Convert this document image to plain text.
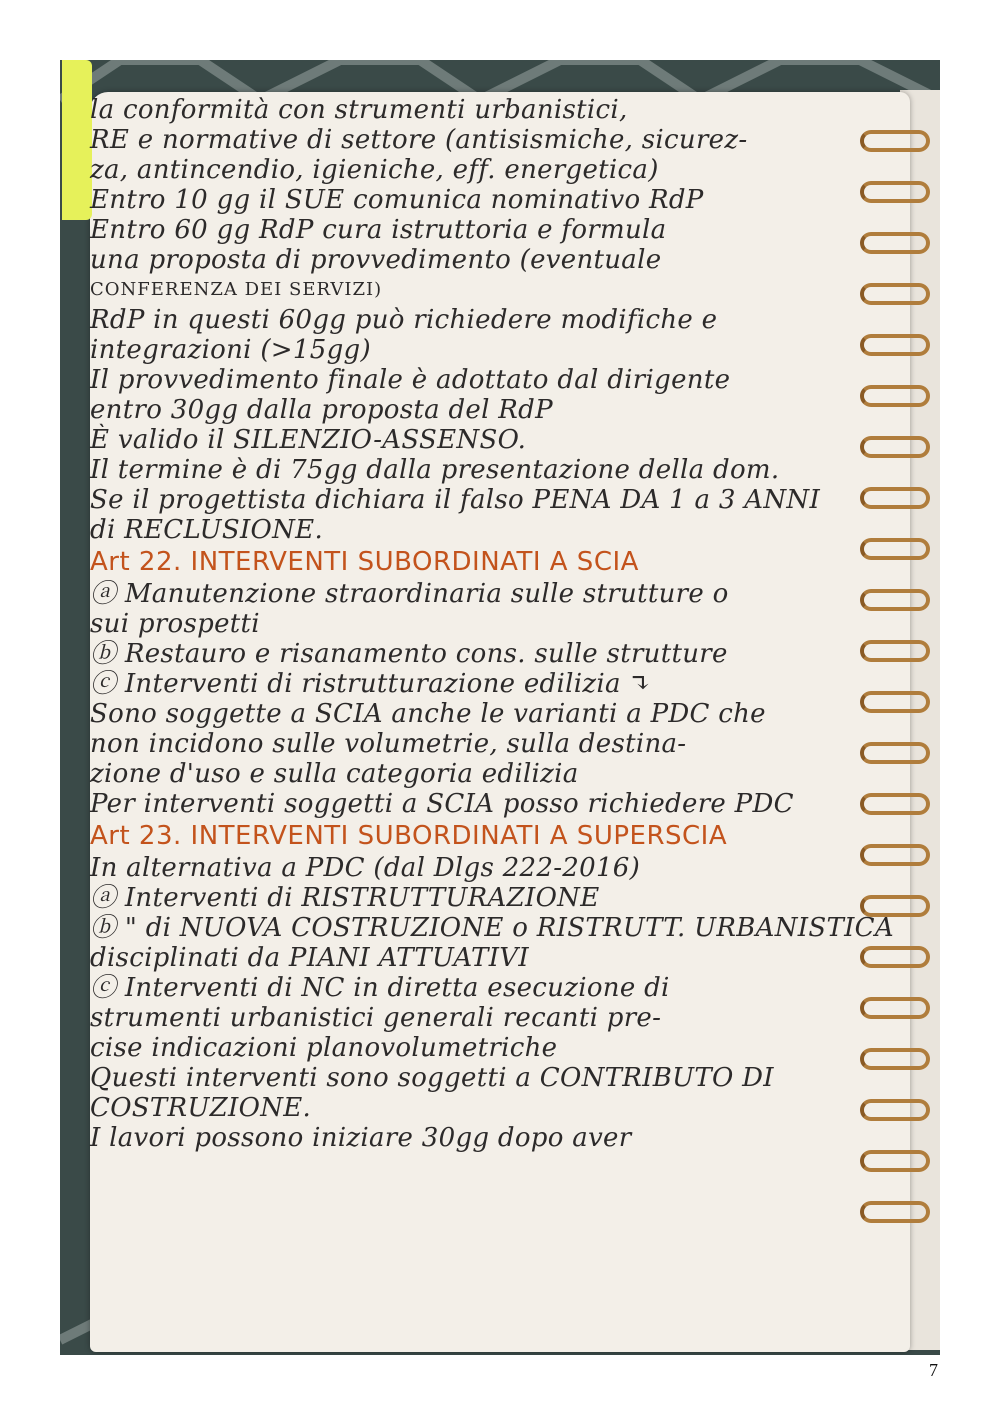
la conformità con strumenti urbanistici,
RE e normative di settore (antisismiche, sicurez-
za, antincendio, igieniche, eff. energetica)
Entro 10 gg il SUE comunica nominativo RdP
Entro 60 gg RdP cura istruttoria e formula
una proposta di provvedimento (eventuale
CONFERENZA DEI SERVIZI)
RdP in questi 60gg può richiedere modifiche e
integrazioni (>15gg)
Il provvedimento finale è adottato dal dirigente
entro 30gg dalla proposta del RdP
È valido il SILENZIO-ASSENSO.
Il termine è di 75gg dalla presentazione della dom.
Se il progettista dichiara il falso PENA DA 1 a 3 ANNI
di RECLUSIONE.
Art 22. INTERVENTI SUBORDINATI A SCIA
ⓐ Manutenzione straordinaria sulle strutture o
sui prospetti
ⓑ Restauro e risanamento cons. sulle strutture
ⓒ Interventi di ristrutturazione edilizia ↴
Sono soggette a SCIA anche le varianti a PDC che
non incidono sulle volumetrie, sulla destina-
zione d'uso e sulla categoria edilizia
Per interventi soggetti a SCIA posso richiedere PDC
Art 23. INTERVENTI SUBORDINATI A SUPERSCIA
In alternativa a PDC (dal Dlgs 222-2016)
ⓐ Interventi di RISTRUTTURAZIONE
ⓑ " di NUOVA COSTRUZIONE o RISTRUTT. URBANISTICA
disciplinati da PIANI ATTUATIVI
ⓒ Interventi di NC in diretta esecuzione di
strumenti urbanistici generali recanti pre-
cise indicazioni planovolumetriche
Questi interventi sono soggetti a CONTRIBUTO DI
COSTRUZIONE.
I lavori possono iniziare 30gg dopo aver
7
